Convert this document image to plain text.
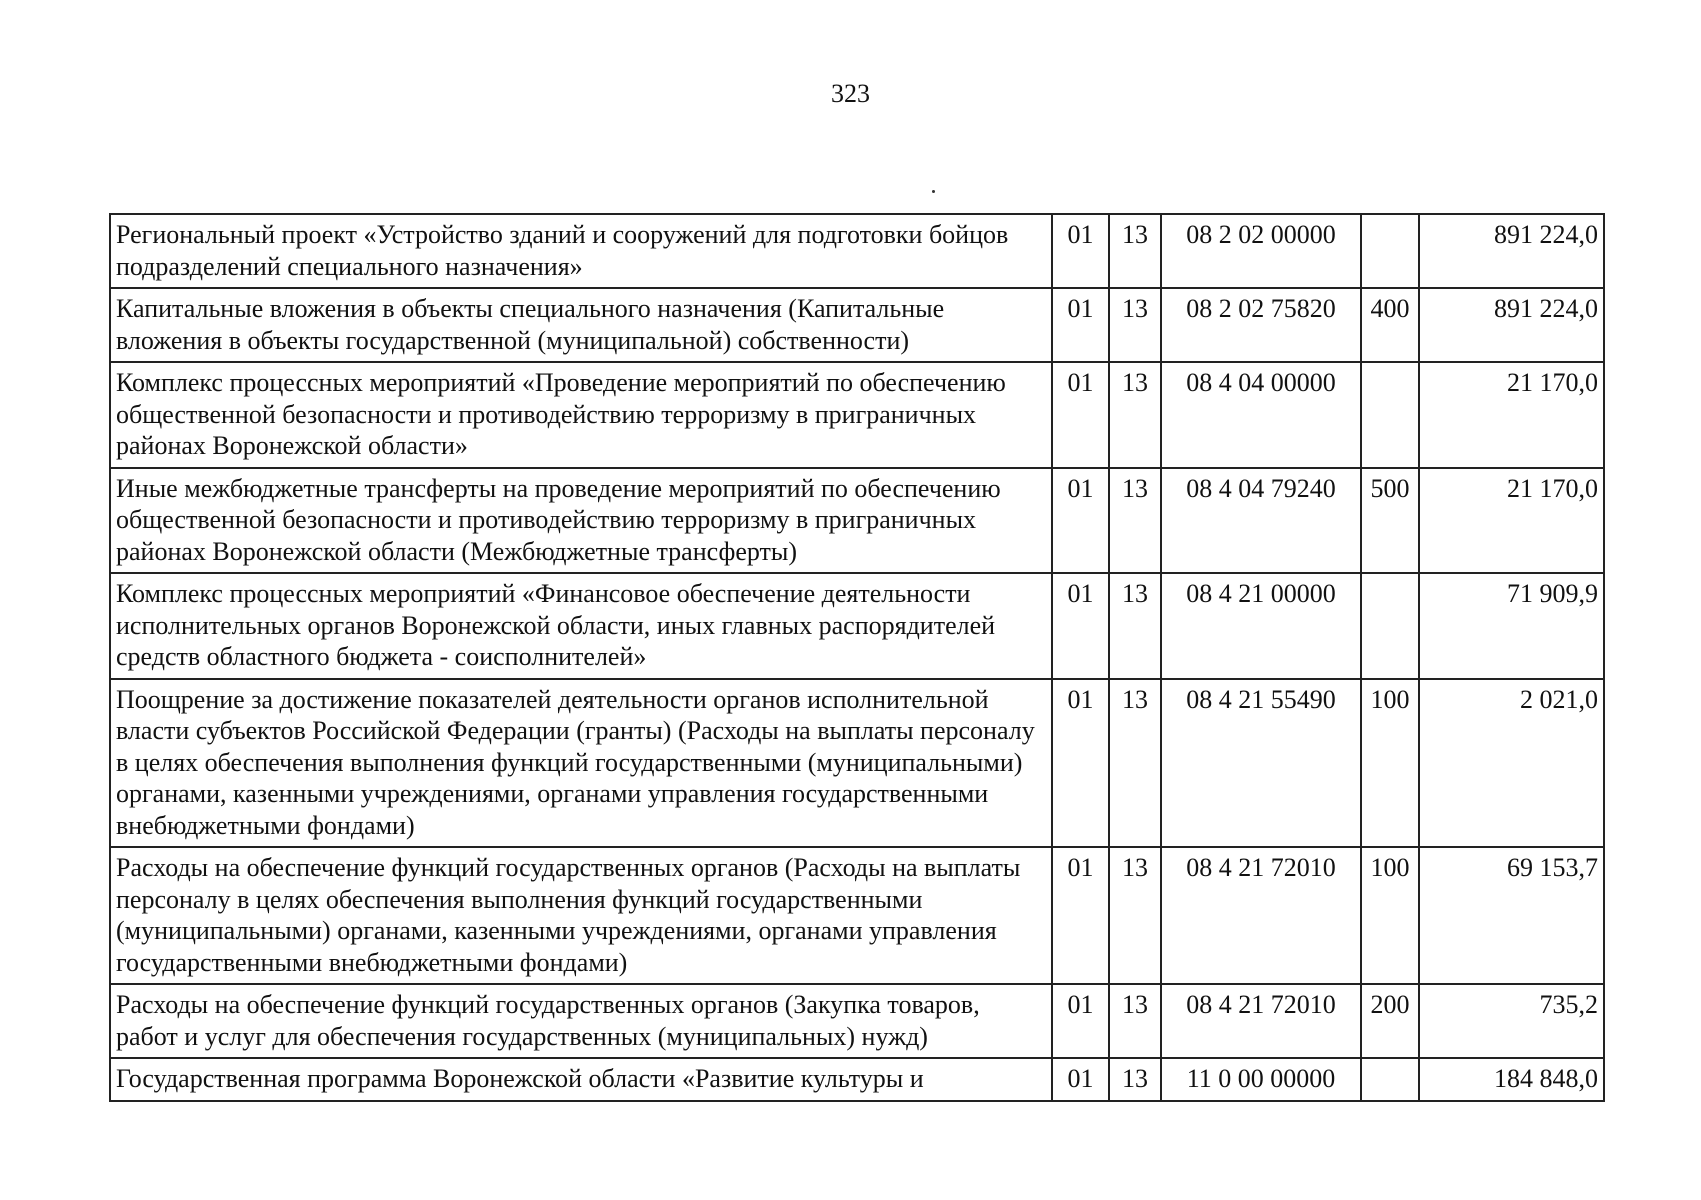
323
Региональный проект «Устройство зданий и сооружений для подготовки бойцов подразделений специального назначения»	01	13	08 2 02 00000		891 224,0
Капитальные вложения в объекты специального назначения (Капитальные вложения в объекты государственной (муниципальной) собственности)	01	13	08 2 02 75820	400	891 224,0
Комплекс процессных мероприятий «Проведение мероприятий по обеспечению общественной безопасности и противодействию терроризму в приграничных районах Воронежской области»	01	13	08 4 04 00000		21 170,0
Иные межбюджетные трансферты на проведение мероприятий по обеспечению общественной безопасности и противодействию терроризму в приграничных районах Воронежской области (Межбюджетные трансферты)	01	13	08 4 04 79240	500	21 170,0
Комплекс процессных мероприятий «Финансовое обеспечение деятельности исполнительных органов Воронежской области, иных главных распорядителей средств областного бюджета - соисполнителей»	01	13	08 4 21 00000		71 909,9
Поощрение за достижение показателей деятельности органов исполнительной власти субъектов Российской Федерации (гранты) (Расходы на выплаты персоналу в целях обеспечения выполнения функций государственными (муниципальными) органами, казенными учреждениями, органами управления государственными внебюджетными фондами)	01	13	08 4 21 55490	100	2 021,0
Расходы на обеспечение функций государственных органов (Расходы на выплаты персоналу в целях обеспечения выполнения функций государственными (муниципальными) органами, казенными учреждениями, органами управления государственными внебюджетными фондами)	01	13	08 4 21 72010	100	69 153,7
Расходы на обеспечение функций государственных органов (Закупка товаров, работ и услуг для обеспечения государственных (муниципальных) нужд)	01	13	08 4 21 72010	200	735,2
Государственная программа Воронежской области «Развитие культуры и	01	13	11 0 00 00000		184 848,0
